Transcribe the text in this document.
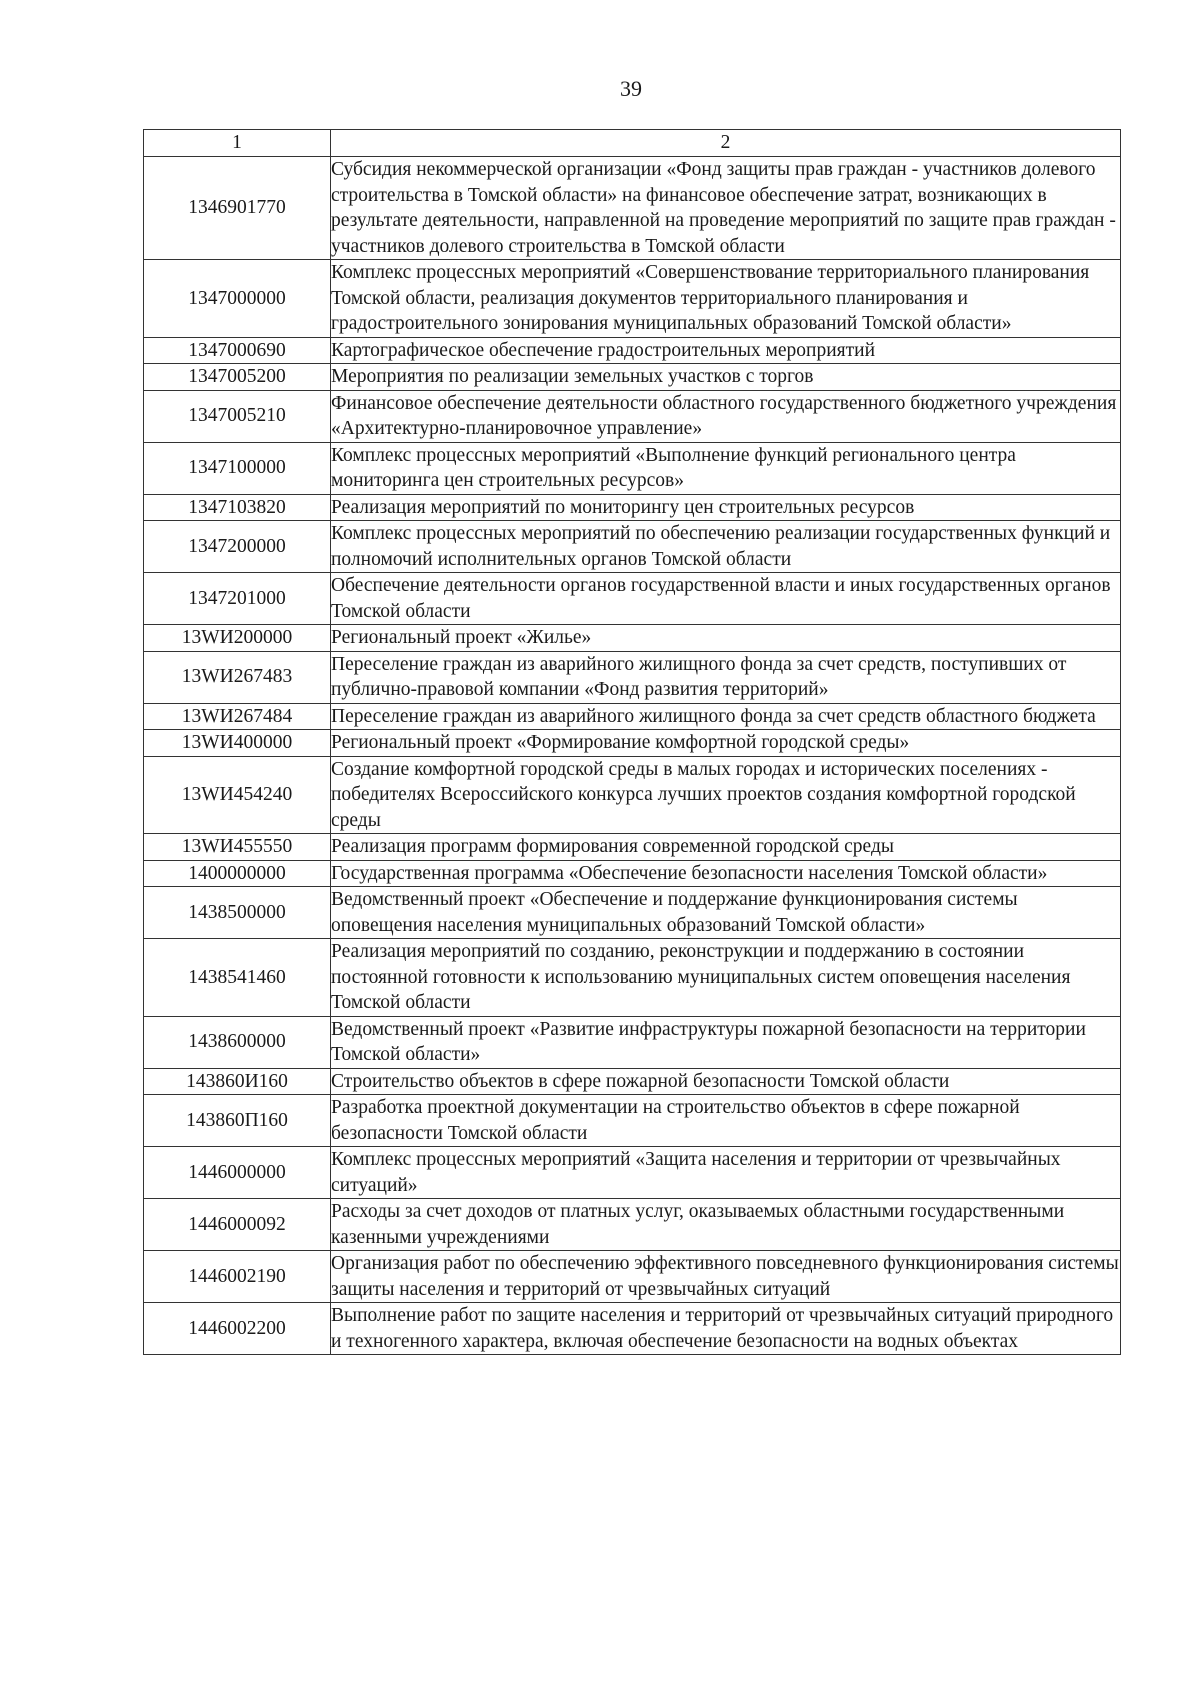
39
1	2
1346901770	Субсидия некоммерческой организации «Фонд защиты прав граждан - участников долевого строительства в Томской области» на финансовое обеспечение затрат, возникающих в результате деятельности, направленной на проведение мероприятий по защите прав граждан - участников долевого строительства в Томской области
1347000000	Комплекс процессных мероприятий «Совершенствование территориального планирования Томской области, реализация документов территориального планирования и градостроительного зонирования муниципальных образований Томской области»
1347000690	Картографическое обеспечение градостроительных мероприятий
1347005200	Мероприятия по реализации земельных участков с торгов
1347005210	Финансовое обеспечение деятельности областного государственного бюджетного учреждения «Архитектурно-планировочное управление»
1347100000	Комплекс процессных мероприятий «Выполнение функций регионального центра мониторинга цен строительных ресурсов»
1347103820	Реализация мероприятий по мониторингу цен строительных ресурсов
1347200000	Комплекс процессных мероприятий по обеспечению реализации государственных функций и полномочий исполнительных органов Томской области
1347201000	Обеспечение деятельности органов государственной власти и иных государственных органов Томской области
13WИ200000	Региональный проект «Жилье»
13WИ267483	Переселение граждан из аварийного жилищного фонда за счет средств, поступивших от публично-правовой компании «Фонд развития территорий»
13WИ267484	Переселение граждан из аварийного жилищного фонда за счет средств областного бюджета
13WИ400000	Региональный проект «Формирование комфортной городской среды»
13WИ454240	Создание комфортной городской среды в малых городах и исторических поселениях - победителях Всероссийского конкурса лучших проектов создания комфортной городской среды
13WИ455550	Реализация программ формирования современной городской среды
1400000000	Государственная программа «Обеспечение безопасности населения Томской области»
1438500000	Ведомственный проект «Обеспечение и поддержание функционирования системы оповещения населения муниципальных образований Томской области»
1438541460	Реализация мероприятий по созданию, реконструкции и поддержанию в состоянии постоянной готовности к использованию муниципальных систем оповещения населения Томской области
1438600000	Ведомственный проект «Развитие инфраструктуры пожарной безопасности на территории Томской области»
143860И160	Строительство объектов в сфере пожарной безопасности Томской области
143860П160	Разработка проектной документации на строительство объектов в сфере пожарной безопасности Томской области
1446000000	Комплекс процессных мероприятий «Защита населения и территории от чрезвычайных ситуаций»
1446000092	Расходы за счет доходов от платных услуг, оказываемых областными государственными казенными учреждениями
1446002190	Организация работ по обеспечению эффективного повседневного функционирования системы защиты населения и территорий от чрезвычайных ситуаций
1446002200	Выполнение работ по защите населения и территорий от чрезвычайных ситуаций природного и техногенного характера, включая обеспечение безопасности на водных объектах
